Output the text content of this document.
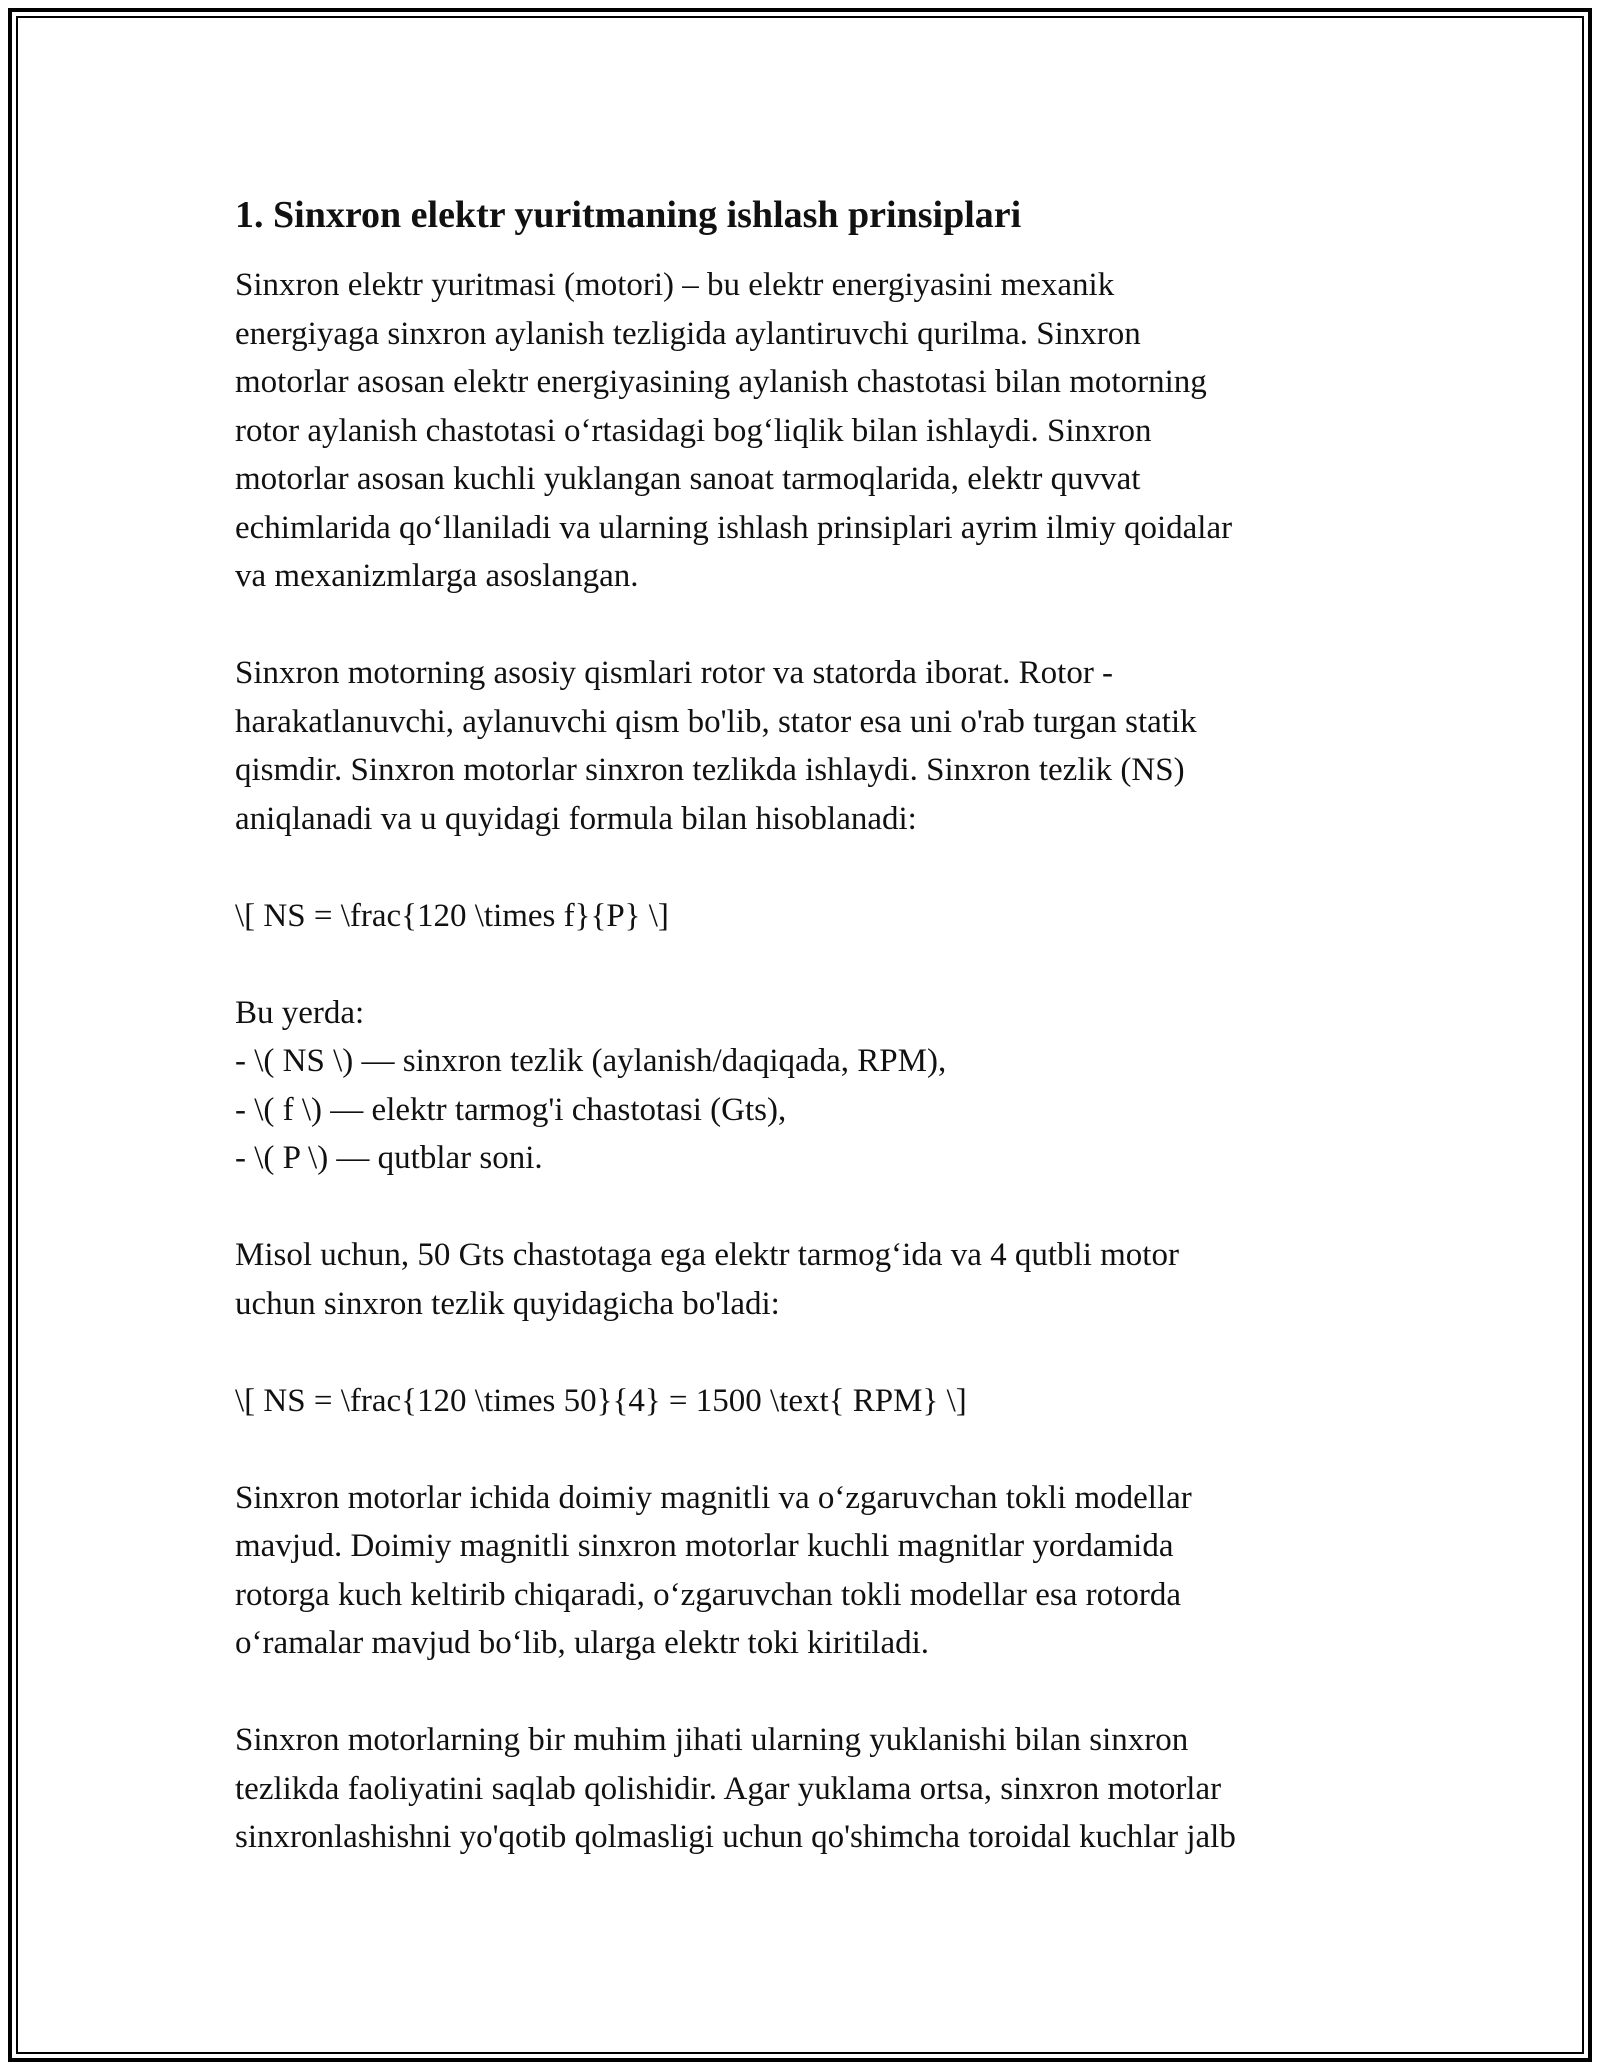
1. Sinxron elektr yuritmaning ishlash prinsiplari

Sinxron elektr yuritmasi (motori) – bu elektr energiyasini mexanik
energiyaga sinxron aylanish tezligida aylantiruvchi qurilma. Sinxron
motorlar asosan elektr energiyasining aylanish chastotasi bilan motorning
rotor aylanish chastotasi o‘rtasidagi bog‘liqlik bilan ishlaydi. Sinxron
motorlar asosan kuchli yuklangan sanoat tarmoqlarida, elektr quvvat
echimlarida qo‘llaniladi va ularning ishlash prinsiplari ayrim ilmiy qoidalar
va mexanizmlarga asoslangan.

Sinxron motorning asosiy qismlari rotor va statorda iborat. Rotor -
harakatlanuvchi, aylanuvchi qism bo'lib, stator esa uni o'rab turgan statik
qismdir. Sinxron motorlar sinxron tezlikda ishlaydi. Sinxron tezlik (NS)
aniqlanadi va u quyidagi formula bilan hisoblanadi:

\[ NS = \frac{120 \times f}{P} \]

Bu yerda:
- \( NS \) — sinxron tezlik (aylanish/daqiqada, RPM),
- \( f \) — elektr tarmog'i chastotasi (Gts),
- \( P \) — qutblar soni.

Misol uchun, 50 Gts chastotaga ega elektr tarmog‘ida va 4 qutbli motor
uchun sinxron tezlik quyidagicha bo'ladi:

\[ NS = \frac{120 \times 50}{4} = 1500 \text{ RPM} \]

Sinxron motorlar ichida doimiy magnitli va o‘zgaruvchan tokli modellar
mavjud. Doimiy magnitli sinxron motorlar kuchli magnitlar yordamida
rotorga kuch keltirib chiqaradi, o‘zgaruvchan tokli modellar esa rotorda
o‘ramalar mavjud bo‘lib, ularga elektr toki kiritiladi.

Sinxron motorlarning bir muhim jihati ularning yuklanishi bilan sinxron
tezlikda faoliyatini saqlab qolishidir. Agar yuklama ortsa, sinxron motorlar
sinxronlashishni yo'qotib qolmasligi uchun qo'shimcha toroidal kuchlar jalb
